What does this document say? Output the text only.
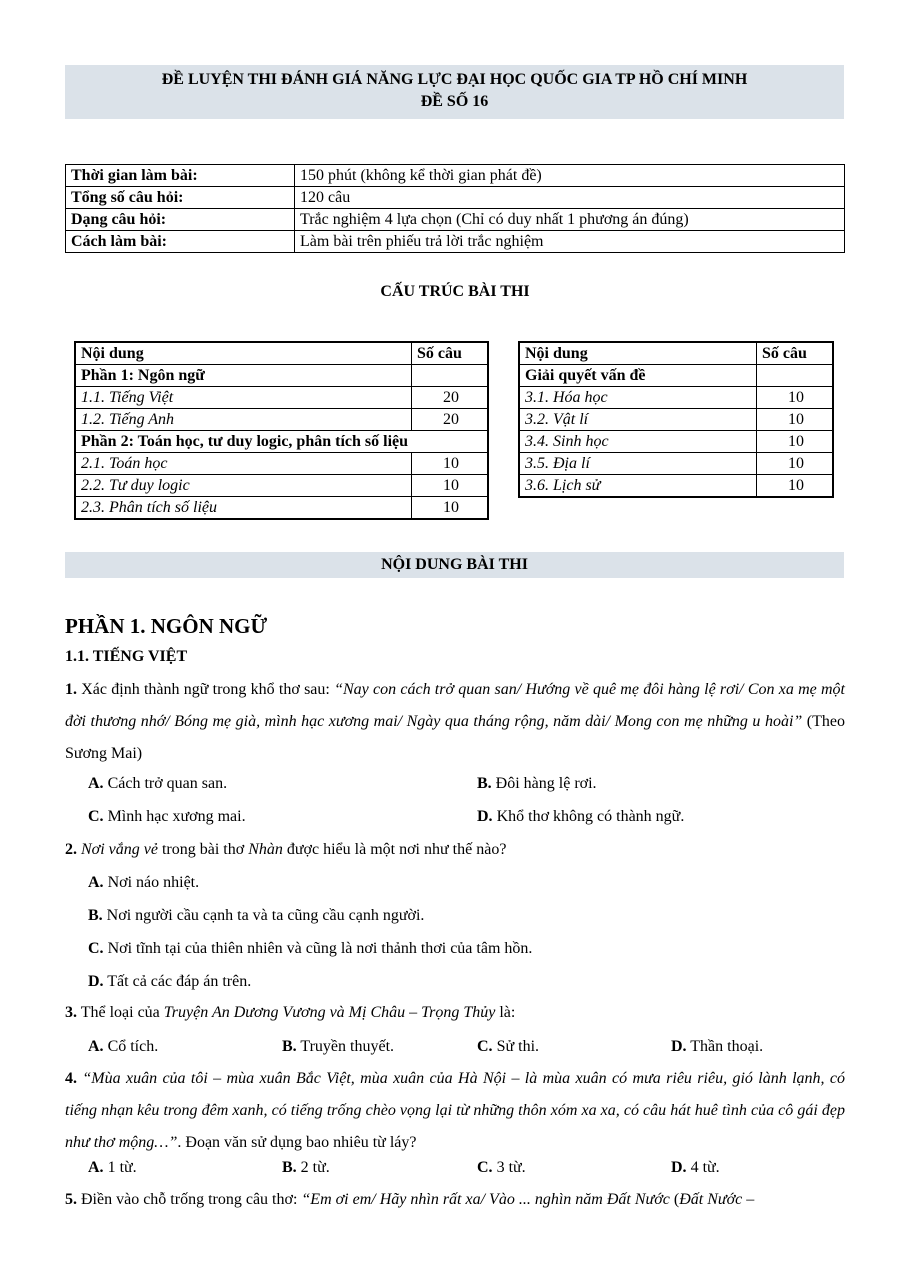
ĐỀ LUYỆN THI ĐÁNH GIÁ NĂNG LỰC ĐẠI HỌC QUỐC GIA TP HỒ CHÍ MINH
ĐỀ SỐ 16
Thời gian làm bài:	150 phút (không kể thời gian phát đề)
Tổng số câu hỏi:	120 câu
Dạng câu hỏi:	Trắc nghiệm 4 lựa chọn (Chỉ có duy nhất 1 phương án đúng)
Cách làm bài:	Làm bài trên phiếu trả lời trắc nghiệm
CẤU TRÚC BÀI THI
Nội dung	Số câu
Phần 1: Ngôn ngữ	
1.1. Tiếng Việt	20
1.2. Tiếng Anh	20
Phần 2: Toán học, tư duy logic, phân tích số liệu	
2.1. Toán học	10
2.2. Tư duy logic	10
2.3. Phân tích số liệu	10
Nội dung	Số câu
Giải quyết vấn đề	
3.1. Hóa học	10
3.2. Vật lí	10
3.4. Sinh học	10
3.5. Địa lí	10
3.6. Lịch sử	10
NỘI DUNG BÀI THI
PHẦN 1. NGÔN NGỮ
1.1. TIẾNG VIỆT
1. Xác định thành ngữ trong khổ thơ sau: “Nay con cách trở quan san/ Hướng về quê mẹ đôi hàng lệ rơi/ Con xa mẹ một đời thương nhớ/ Bóng mẹ già, mình hạc xương mai/ Ngày qua tháng rộng, năm dài/ Mong con mẹ những u hoài” (Theo Sương Mai)
A. Cách trở quan san.	B. Đôi hàng lệ rơi.
C. Mình hạc xương mai.	D. Khổ thơ không có thành ngữ.
2. Nơi vắng vẻ trong bài thơ Nhàn được hiểu là một nơi như thế nào?
A. Nơi náo nhiệt.
B. Nơi người cầu cạnh ta và ta cũng cầu cạnh người.
C. Nơi tĩnh tại của thiên nhiên và cũng là nơi thảnh thơi của tâm hồn.
D. Tất cả các đáp án trên.
3. Thể loại của Truyện An Dương Vương và Mị Châu – Trọng Thủy là:
A. Cổ tích.	B. Truyền thuyết.	C. Sử thi.	D. Thần thoại.
4. “Mùa xuân của tôi – mùa xuân Bắc Việt, mùa xuân của Hà Nội – là mùa xuân có mưa riêu riêu, gió lành lạnh, có tiếng nhạn kêu trong đêm xanh, có tiếng trống chèo vọng lại từ những thôn xóm xa xa, có câu hát huê tình của cô gái đẹp như thơ mộng…”. Đoạn văn sử dụng bao nhiêu từ láy?
A. 1 từ.	B. 2 từ.	C. 3 từ.	D. 4 từ.
5. Điền vào chỗ trống trong câu thơ: “Em ơi em/ Hãy nhìn rất xa/ Vào ... nghìn năm Đất Nước (Đất Nước –
